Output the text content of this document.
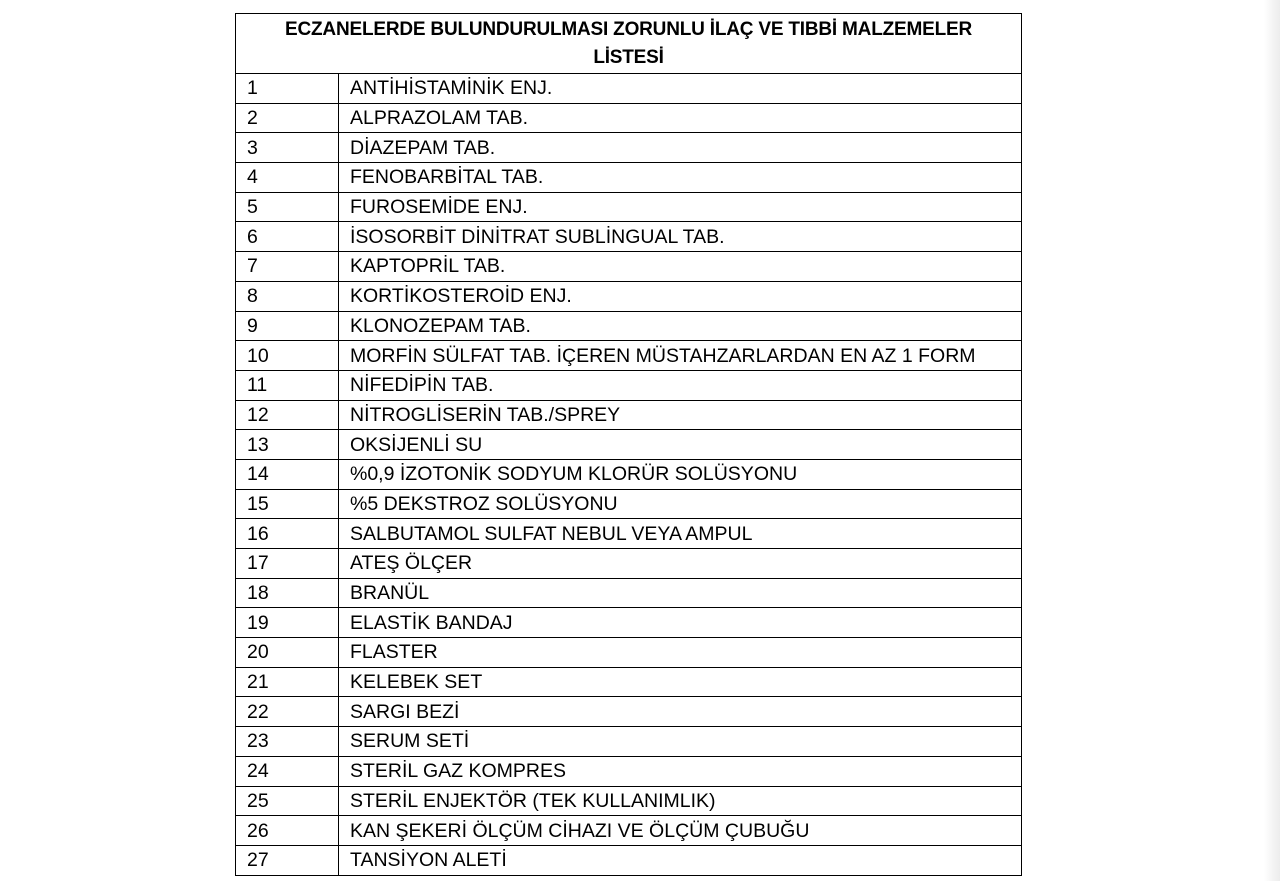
ECZANELERDE BULUNDURULMASI ZORUNLU İLAÇ VE TIBBİ MALZEMELER
LİSTESİ	

1	ANTİHİSTAMİNİK ENJ.
2	ALPRAZOLAM TAB.
3	DİAZEPAM TAB.
4	FENOBARBİTAL TAB.
5	FUROSEMİDE ENJ.
6	İSOSORBİT DİNİTRAT SUBLİNGUAL TAB.
7	KAPTOPRİL TAB.
8	KORTİKOSTEROİD ENJ.
9	KLONOZEPAM TAB.
10	MORFİN SÜLFAT TAB. İÇEREN MÜSTAHZARLARDAN EN AZ 1 FORM
11	NİFEDİPİN TAB.
12	NİTROGLİSERİN TAB./SPREY
13	OKSİJENLİ SU
14	%0,9 İZOTONİK SODYUM KLORÜR SOLÜSYONU
15	%5 DEKSTROZ SOLÜSYONU
16	SALBUTAMOL SULFAT NEBUL VEYA AMPUL
17	ATEŞ ÖLÇER
18	BRANÜL
19	ELASTİK BANDAJ
20	FLASTER
21	KELEBEK SET
22	SARGI BEZİ
23	SERUM SETİ
24	STERİL GAZ KOMPRES
25	STERİL ENJEKTÖR (TEK KULLANIMLIK)
26	KAN ŞEKERİ ÖLÇÜM CİHAZI VE ÖLÇÜM ÇUBUĞU
27	TANSİYON ALETİ
